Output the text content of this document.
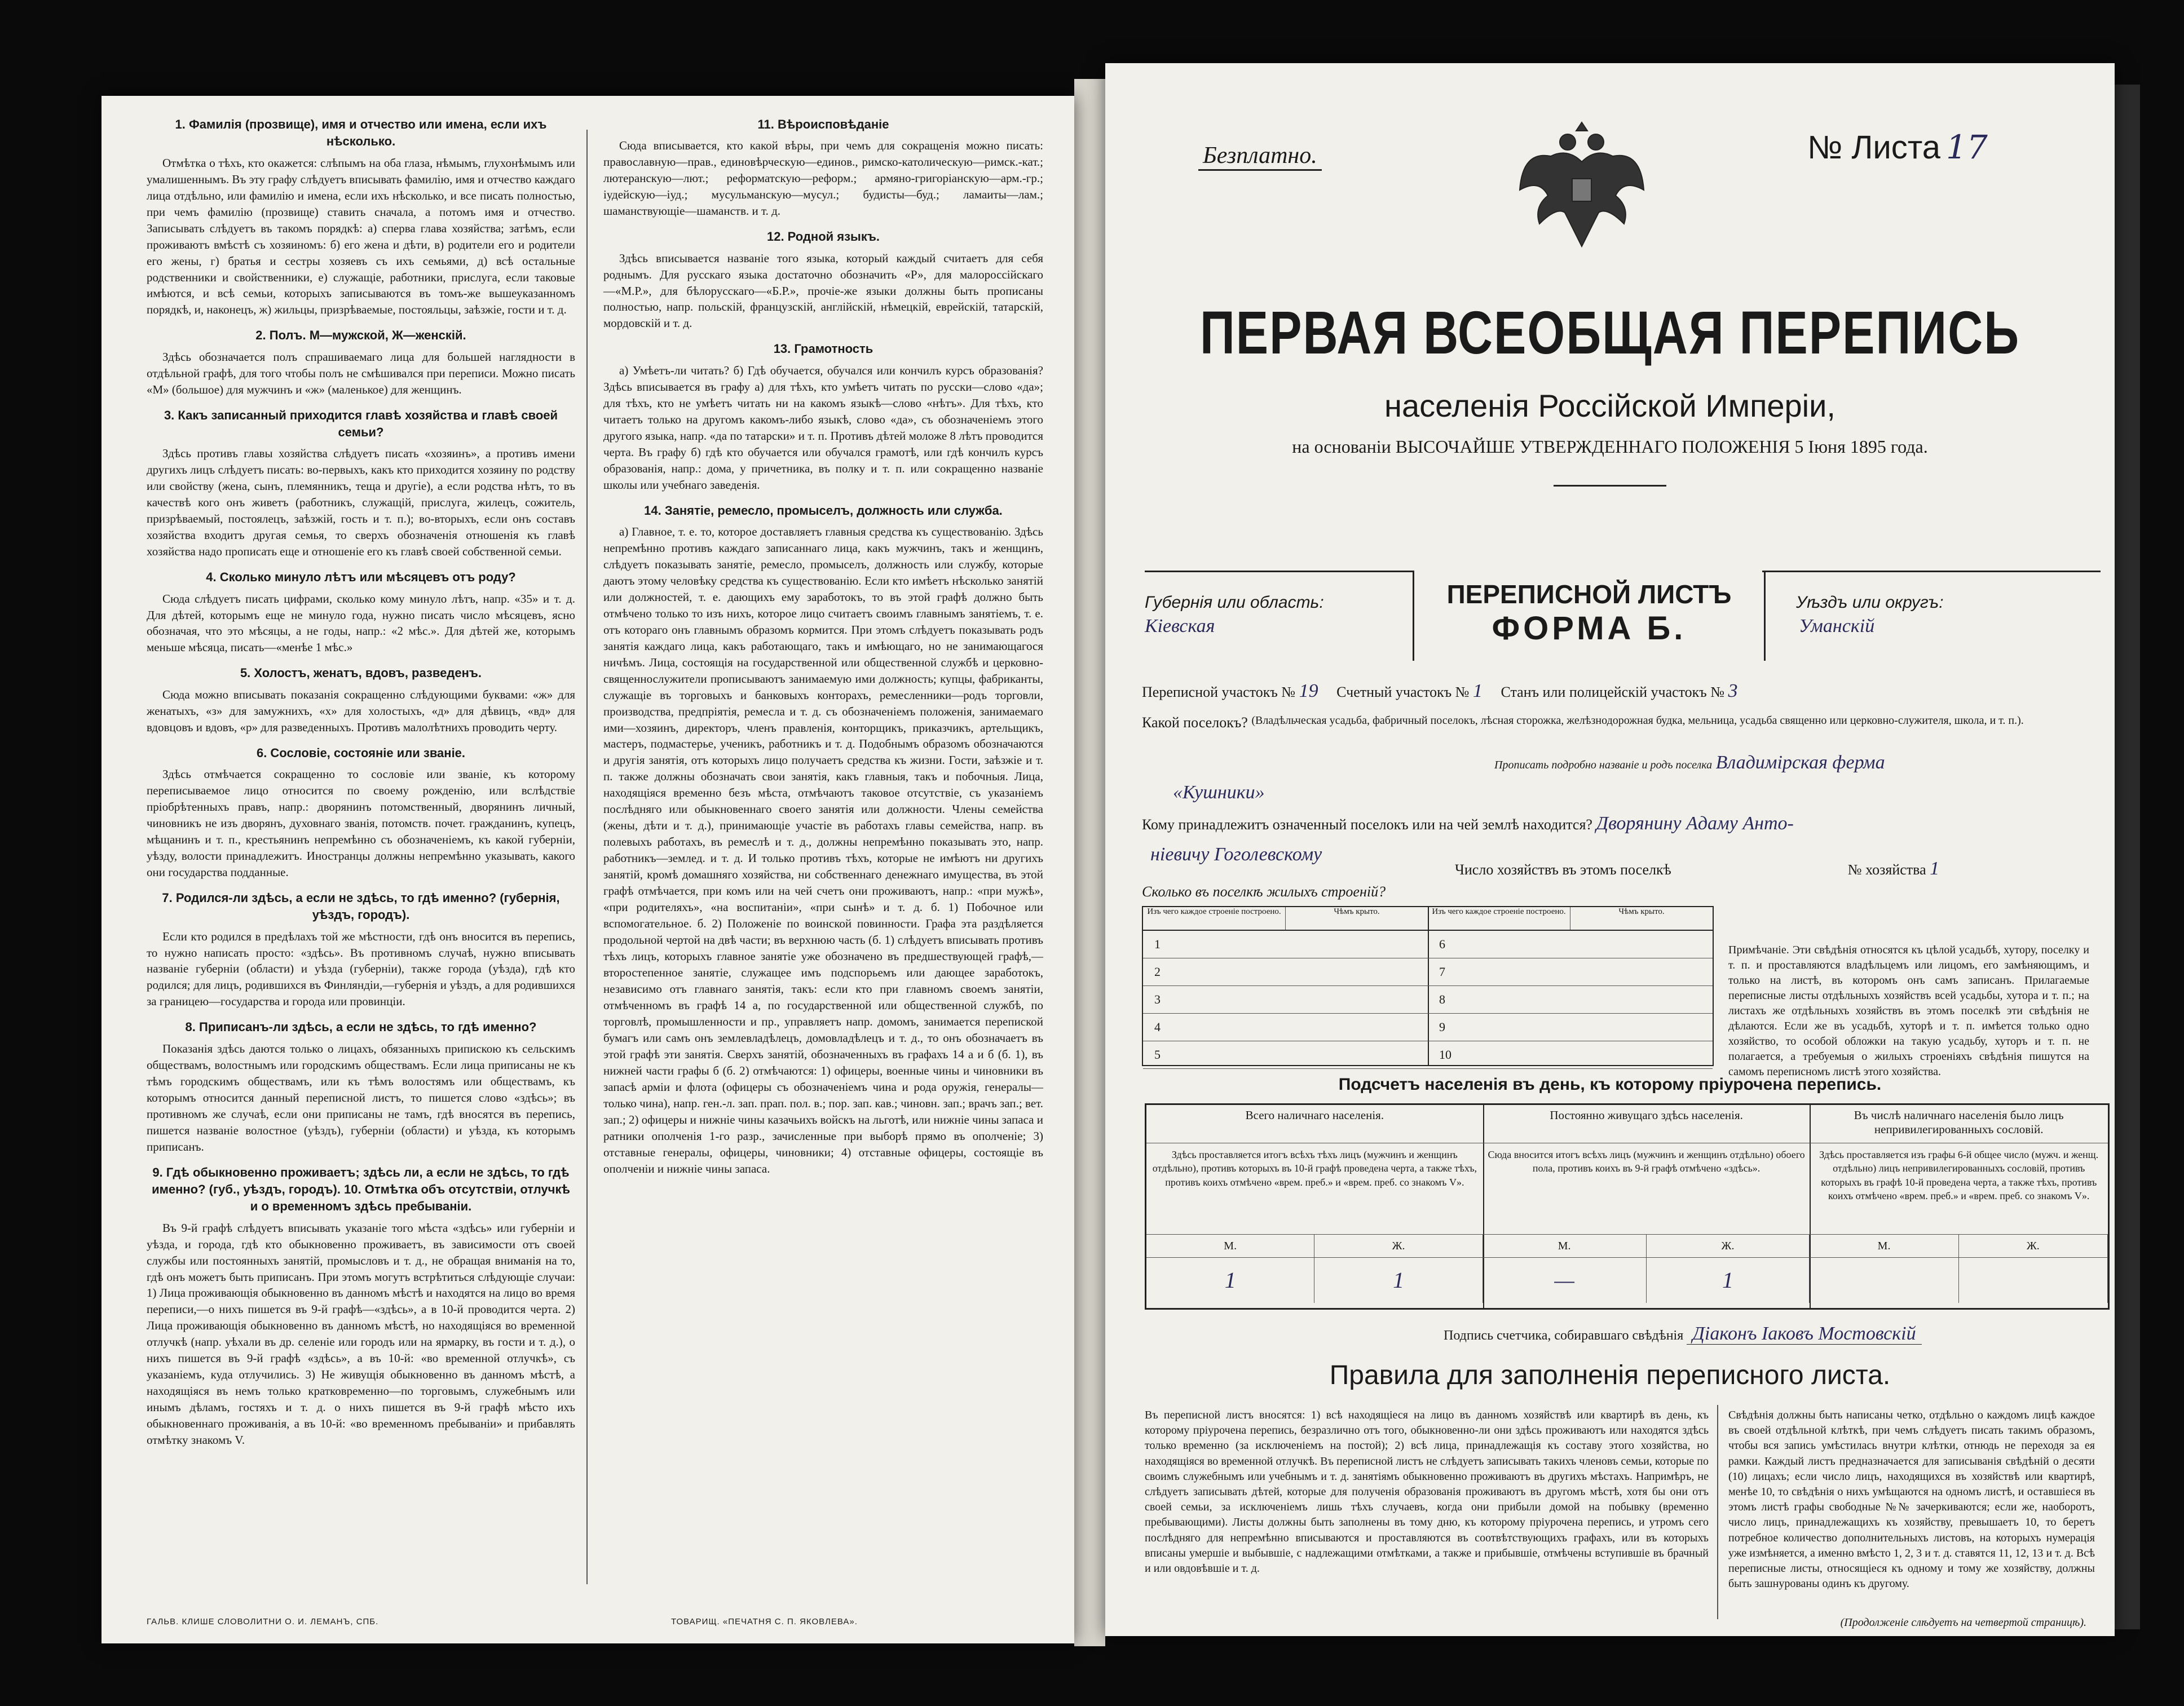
1. Фамилія (прозвище), имя и отчество или имена, если ихъ нѣсколько.
Отмѣтка о тѣхъ, кто окажется: слѣпымъ на оба глаза, нѣмымъ, глухонѣмымъ или умалишеннымъ. Въ эту графу слѣдуетъ вписывать фамилію, имя и отчество каждаго лица отдѣльно, или фамилію и имена, если ихъ нѣсколько, и все писать полностью, при чемъ фамилію (прозвище) ставить сначала, а потомъ имя и отчество. Записывать слѣдуетъ въ такомъ порядкѣ: а) сперва глава хозяйства; затѣмъ, если проживаютъ вмѣстѣ съ хозяиномъ: б) его жена и дѣти, в) родители его и родители его жены, г) братья и сестры хозяевъ съ ихъ семьями, д) всѣ остальные родственники и свойственники, е) служащіе, работники, прислуга, если таковые имѣются, и всѣ семьи, которыхъ записываются въ томъ-же вышеуказанномъ порядкѣ, и, наконецъ, ж) жильцы, призрѣваемые, постояльцы, заѣзжіе, гости и т. д.
2. Полъ. М—мужской, Ж—женскій.
Здѣсь обозначается полъ спрашиваемаго лица для большей наглядности в отдѣльной графѣ, для того чтобы полъ не смѣшивался при переписи. Можно писать «М» (большое) для мужчинъ и «ж» (маленькое) для женщинъ.
3. Какъ записанный приходится главѣ хозяйства и главѣ своей семьи?
Здѣсь противъ главы хозяйства слѣдуетъ писать «хозяинъ», а противъ имени другихъ лицъ слѣдуетъ писать: во-первыхъ, какъ кто приходится хозяину по родству или свойству (жена, сынъ, племянникъ, теща и другіе), а если родства нѣтъ, то въ качествѣ кого онъ живетъ (работникъ, служащій, прислуга, жилецъ, сожитель, призрѣваемый, постоялецъ, заѣзжій, гость и т. п.); во-вторыхъ, если онъ составъ хозяйства входитъ другая семья, то сверхъ обозначенія отношенія къ главѣ хозяйства надо прописать еще и отношеніе его къ главѣ своей собственной семьи.
4. Сколько минуло лѣтъ или мѣсяцевъ отъ роду?
Сюда слѣдуетъ писать цифрами, сколько кому минуло лѣтъ, напр. «35» и т. д. Для дѣтей, которымъ еще не минуло года, нужно писать число мѣсяцевъ, ясно обозначая, что это мѣсяцы, а не годы, напр.: «2 мѣс.». Для дѣтей же, которымъ меньше мѣсяца, писать—«менѣе 1 мѣс.»
5. Холостъ, женатъ, вдовъ, разведенъ.
Сюда можно вписывать показанія сокращенно слѣдующими буквами: «ж» для женатыхъ, «з» для замужнихъ, «х» для холостыхъ, «д» для дѣвицъ, «вд» для вдовцовъ и вдовъ, «р» для разведенныхъ. Противъ малолѣтнихъ проводить черту.
6. Сословіе, состояніе или званіе.
Здѣсь отмѣчается сокращенно то сословіе или званіе, къ которому переписываемое лицо относится по своему рожденію, или вслѣдствіе пріобрѣтенныхъ правъ, напр.: дворянинъ потомственный, дворянинъ личный, чиновникъ не изъ дворянъ, духовнаго званія, потомств. почет. гражданинъ, купецъ, мѣщанинъ и т. п., крестьянинъ непремѣнно съ обозначеніемъ, къ какой губерніи, уѣзду, волости принадлежитъ. Иностранцы должны непремѣнно указывать, какого они государства подданные.
7. Родился-ли здѣсь, а если не здѣсь, то гдѣ именно? (губернія, уѣздъ, городъ).
Если кто родился в предѣлахъ той же мѣстности, гдѣ онъ вносится въ перепись, то нужно написать просто: «здѣсь». Въ противномъ случаѣ, нужно вписывать названіе губерніи (области) и уѣзда (губерніи), также города (уѣзда), гдѣ кто родился; для лицъ, родившихся въ Финляндіи,—губернія и уѣздъ, а для родившихся за границею—государства и города или провинціи.
8. Приписанъ-ли здѣсь, а если не здѣсь, то гдѣ именно?
Показанія здѣсь даются только о лицахъ, обязанныхъ припискою къ сельскимъ обществамъ, волостнымъ или городскимъ обществамъ. Если лица приписаны не къ тѣмъ городскимъ обществамъ, или къ тѣмъ волостямъ или обществамъ, къ которымъ относится данный переписной листъ, то пишется слово «здѣсь»; въ противномъ же случаѣ, если они приписаны не тамъ, гдѣ вносятся въ перепись, пишется названіе волостное (уѣздъ), губерніи (области) и уѣзда, къ которымъ приписанъ.
9. Гдѣ обыкновенно проживаетъ; здѣсь ли, а если не здѣсь, то гдѣ именно? (губ., уѣздъ, городъ). 10. Отмѣтка объ отсутствіи, отлучкѣ и о временномъ здѣсь пребываніи.
Въ 9-й графѣ слѣдуетъ вписывать указаніе того мѣста «здѣсь» или губерніи и уѣзда, и города, гдѣ кто обыкновенно проживаетъ, въ зависимости отъ своей службы или постоянныхъ занятій, промысловъ и т. д., не обращая вниманія на то, гдѣ онъ можетъ быть приписанъ. При этомъ могутъ встрѣтиться слѣдующіе случаи: 1) Лица проживающія обыкновенно въ данномъ мѣстѣ и находятся на лицо во время переписи,—о нихъ пишется въ 9-й графѣ—«здѣсь», а в 10-й проводится черта. 2) Лица проживающія обыкновенно въ данномъ мѣстѣ, но находящіяся во временной отлучкѣ (напр. уѣхали въ др. селеніе или городъ или на ярмарку, въ гости и т. д.), о нихъ пишется въ 9-й графѣ «здѣсь», а въ 10-й: «во временной отлучкѣ», съ указаніемъ, куда отлучились. 3) Не живущія обыкновенно въ данномъ мѣстѣ, а находящіяся въ немъ только кратковременно—по торговымъ, служебнымъ или инымъ дѣламъ, гостяхъ и т. д. о нихъ пишется въ 9-й графѣ мѣсто ихъ обыкновеннаго проживанія, а въ 10-й: «во временномъ пребываніи» и прибавлять отмѣтку знакомъ V.
11. Вѣроисповѣданіе
Сюда вписывается, кто какой вѣры, при чемъ для сокращенія можно писать: православную—прав., единовѣрческую—единов., римско-католическую—римск.-кат.; лютеранскую—лют.; реформатскую—реформ.; армяно-григоріанскую—арм.-гр.; іудейскую—іуд.; мусульманскую—мусул.; будисты—буд.; ламаиты—лам.; шаманствующіе—шаманств. и т. д.
12. Родной языкъ.
Здѣсь вписывается названіе того языка, который каждый считаетъ для себя роднымъ. Для русскаго языка достаточно обозначить «Р», для малороссійскаго—«М.Р.», для бѣлорусскаго—«Б.Р.», прочіе-же языки должны быть прописаны полностью, напр. польскій, французскій, англійскій, нѣмецкій, еврейскій, татарскій, мордовскій и т. д.
13. Грамотность
а) Умѣетъ-ли читать? б) Гдѣ обучается, обучался или кончилъ курсъ образованія? Здѣсь вписывается въ графу а) для тѣхъ, кто умѣетъ читать по русски—слово «да»; для тѣхъ, кто не умѣетъ читать ни на какомъ языкѣ—слово «нѣтъ». Для тѣхъ, кто читаетъ только на другомъ какомъ-либо языкѣ, слово «да», съ обозначеніемъ этого другого языка, напр. «да по татарски» и т. п. Противъ дѣтей моложе 8 лѣтъ проводится черта. Въ графу б) гдѣ кто обучается или обучался грамотѣ, или гдѣ кончилъ курсъ образованія, напр.: дома, у причетника, въ полку и т. п. или сокращенно названіе школы или учебнаго заведенія.
14. Занятіе, ремесло, промыселъ, должность или служба.
а) Главное, т. е. то, которое доставляетъ главныя средства къ существованію. Здѣсь непремѣнно противъ каждаго записаннаго лица, какъ мужчинъ, такъ и женщинъ, слѣдуетъ показывать занятіе, ремесло, промыселъ, должность или службу, которые даютъ этому человѣку средства къ существованію. Если кто имѣетъ нѣсколько занятій или должностей, т. е. дающихъ ему заработокъ, то въ этой графѣ должно быть отмѣчено только то изъ нихъ, которое лицо считаетъ своимъ главнымъ занятіемъ, т. е. отъ котораго онъ главнымъ образомъ кормится. При этомъ слѣдуетъ показывать родъ занятія каждаго лица, какъ работающаго, такъ и имѣющаго, но не занимающагося ничѣмъ. Лица, состоящія на государственной или общественной службѣ и церковно-священнослужители прописываютъ занимаемую ими должность; купцы, фабриканты, служащіе въ торговыхъ и банковыхъ конторахъ, ремесленники—родъ торговли, производства, предпріятія, ремесла и т. д. съ обозначеніемъ положенія, занимаемаго ими—хозяинъ, директоръ, членъ правленія, конторщикъ, приказчикъ, артельщикъ, мастеръ, подмастерье, ученикъ, работникъ и т. д. Подобнымъ образомъ обозначаются и другія занятія, отъ которыхъ лицо получаетъ средства къ жизни. Гости, заѣзжіе и т. п. также должны обозначать свои занятія, какъ главныя, такъ и побочныя. Лица, находящіяся временно безъ мѣста, отмѣчаютъ таковое отсутствіе, съ указаніемъ послѣдняго или обыкновеннаго своего занятія или должности. Члены семейства (жены, дѣти и т. д.), принимающіе участіе въ работахъ главы семейства, напр. въ полевыхъ работахъ, въ ремеслѣ и т. д., должны непремѣнно показывать это, напр. работникъ—землед. и т. д. И только противъ тѣхъ, которые не имѣютъ ни другихъ занятій, кромѣ домашняго хозяйства, ни собственнаго денежнаго имущества, въ этой графѣ отмѣчается, при комъ или на чей счетъ они проживаютъ, напр.: «при мужѣ», «при родителяхъ», «на воспитаніи», «при сынѣ» и т. д. б. 1) Побочное или вспомогательное. б. 2) Положеніе по воинской повинности. Графа эта раздѣляется продольной чертой на двѣ части; въ верхнюю часть (б. 1) слѣдуетъ вписывать противъ тѣхъ лицъ, которыхъ главное занятіе уже обозначено въ предшествующей графѣ,—второстепенное занятіе, служащее имъ подспорьемъ или дающее заработокъ, независимо отъ главнаго занятія, такъ: если кто при главномъ своемъ занятіи, отмѣченномъ въ графѣ 14 а, по государственной или общественной службѣ, по торговлѣ, промышленности и пр., управляетъ напр. домомъ, занимается перепиской бумагъ или самъ онъ землевладѣлецъ, домовладѣлецъ и т. д., то онъ обозначаетъ въ этой графѣ эти занятія. Сверхъ занятій, обозначенныхъ въ графахъ 14 а и б (б. 1), въ нижней части графы б (б. 2) отмѣчаются: 1) офицеры, военные чины и чиновники въ запасѣ армiи и флота (офицеры съ обозначеніемъ чина и рода оружія, генералы—только чина), напр. ген.-л. зап. прап. пол. в.; пор. зап. кав.; чиновн. зап.; врачъ зап.; вет. зап.; 2) офицеры и нижніе чины казачьихъ войскъ на льготѣ, или нижніе чины запаса и ратники ополченія 1-го разр., зачисленные при выборѣ прямо въ ополченіе; 3) отставные генералы, офицеры, чиновники; 4) отставные офицеры, состоящіе въ ополченіи и нижніе чины запаса.
ГАЛЬВ. КЛИШЕ СЛОВОЛИТНИ О. И. ЛЕМАНЪ, СПБ.	ТОВАРИЩ. «ПЕЧАТНЯ С. П. ЯКОВЛЕВА».
Безплатно.	№ Листа 17
ПЕРВАЯ ВСЕОБЩАЯ ПЕРЕПИСЬ
населенія Россійской Имперіи,
на основаніи ВЫСОЧАЙШЕ УТВЕРЖДЕННАГО ПОЛОЖЕНІЯ 5 Іюня 1895 года.
Губернія или область:
Кіевская
ПЕРЕПИСНОЙ ЛИСТЪ
ФОРМА Б.
Уѣздъ или округъ:
Уманскій
Переписной участокъ № 19 Счетный участокъ № 1 Станъ или полицейскій участокъ № 3
Какой поселокъ? (Владѣльческая усадьба, фабричный поселокъ, лѣсная сторожка, желѣзнодорожная будка, мельница, усадьба священно или церковно-служителя, школа, и т. п.).
Прописать подробно названіе и родъ поселка Владимірская ферма
«Кушники»
Кому принадлежитъ означенный поселокъ или на чей землѣ находится? Дворянину Адаму Анто-
ніевичу Гоголевскому
Число хозяйствъ въ этомъ поселкѣ	№ хозяйства 1
Сколько въ поселкѣ жилыхъ строеній?
Изъ чего каждое строеніе построено.	Чѣмъ крыто.
1
2
3
4
5
Изъ чего каждое строеніе построено.	Чѣмъ крыто.
6
7
8
9
10
Примѣчаніе. Эти свѣдѣнія относятся къ цѣлой усадьбѣ, хутору, поселку и т. п. и проставляются владѣльцемъ или лицомъ, его замѣняющимъ, и только на листѣ, въ которомъ онъ самъ записанъ. Прилагаемые переписные листы отдѣльныхъ хозяйствъ всей усадьбы, хутора и т. п.; на листахъ же отдѣльныхъ хозяйствъ въ этомъ поселкѣ эти свѣдѣнія не дѣлаются. Если же въ усадьбѣ, хуторѣ и т. п. имѣется только одно хозяйство, то особой обложки на такую усадьбу, хуторъ и т. п. не полагается, а требуемыя о жилыхъ строеніяхъ свѣдѣнія пишутся на самомъ переписномъ листѣ этого хозяйства.
Подсчетъ населенія въ день, къ которому пріурочена перепись.
Всего наличнаго населенія.
Здѣсь проставляется итогъ всѣхъ тѣхъ лицъ (мужчинъ и женщинъ отдѣльно), противъ которыхъ въ 10-й графѣ проведена черта, а также тѣхъ, противъ коихъ отмѣчено «врем. преб.» и «врем. преб. со знакомъ V».
М.	Ж.
1	1
Постоянно живущаго здѣсь населенія.
Сюда вносится итогъ всѣхъ лицъ (мужчинъ и женщинъ отдѣльно) обоего пола, противъ коихъ въ 9-й графѣ отмѣчено «здѣсь».
М.	Ж.
—	1
Въ числѣ наличнаго населенія было лицъ непривилегированныхъ сословій.
Здѣсь проставляется изъ графы 6-й общее число (мужч. и женщ. отдѣльно) лицъ непривилегированныхъ сословій, противъ которыхъ въ графѣ 10-й проведена черта, а также тѣхъ, противъ коихъ отмѣчено «врем. преб.» и «врем. преб. со знакомъ V».
М.	Ж.
Подпись счетчика, собиравшаго свѣдѣнія Діаконъ Іаковъ Мостовскій
Правила для заполненія переписного листа.
Въ переписной листъ вносятся: 1) всѣ находящіеся на лицо въ данномъ хозяйствѣ или квартирѣ въ день, къ которому пріурочена перепись, безразлично отъ того, обыкновенно-ли они здѣсь проживаютъ или находятся здѣсь только временно (за исключеніемъ на постой); 2) всѣ лица, принадлежащія къ составу этого хозяйства, но находящіяся во временной отлучкѣ. Въ переписной листъ не слѣдуетъ записывать такихъ членовъ семьи, которые по своимъ служебнымъ или учебнымъ и т. д. занятіямъ обыкновенно проживаютъ въ другихъ мѣстахъ. Напримѣръ, не слѣдуетъ записывать дѣтей, которые для полученія образованія проживаютъ въ другомъ мѣстѣ, хотя бы они отъ своей семьи, за исключеніемъ лишь тѣхъ случаевъ, когда они прибыли домой на побывку (временно пребывающими). Листы должны быть заполнены въ тому дню, къ которому пріурочена перепись, и утромъ сего послѣдняго для непремѣнно вписываются и проставляются въ соотвѣтствующихъ графахъ, или въ которыхъ вписаны умершіе и выбывшіе, с надлежащими отмѣтками, а также и прибывшіе, отмѣчены вступившіе въ брачный и или овдовѣвшіе и т. д.
Свѣдѣнія должны быть написаны четко, отдѣльно о каждомъ лицѣ каждое въ своей отдѣльной клѣткѣ, при чемъ слѣдуетъ писать такимъ образомъ, чтобы вся запись умѣстилась внутри клѣтки, отнюдь не переходя за ея рамки. Каждый листъ предназначается для записыванія свѣдѣній о десяти (10) лицахъ; если число лицъ, находящихся въ хозяйствѣ или квартирѣ, менѣе 10, то свѣдѣнія о нихъ умѣщаются на одномъ листѣ, и оставшіеся въ этомъ листѣ графы свободные №№ зачеркиваются; если же, наоборотъ, число лицъ, принадлежащихъ къ хозяйству, превышаетъ 10, то беретъ потребное количество дополнительныхъ листовъ, на которыхъ нумерація уже измѣняется, а именно вмѣсто 1, 2, 3 и т. д. ставятся 11, 12, 13 и т. д. Всѣ переписные листы, относящіеся къ одному и тому же хозяйству, должны быть зашнурованы одинъ къ другому.
(Продолженіе слѣдуетъ на четвертой страницѣ).
